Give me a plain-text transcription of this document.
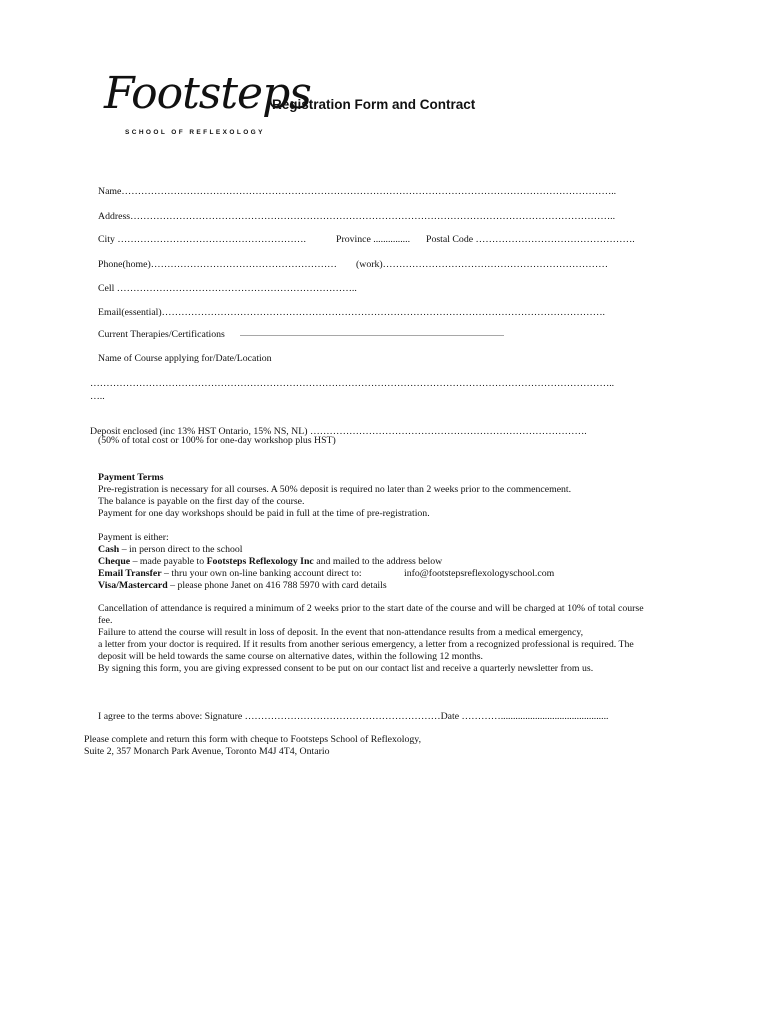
Footsteps
SCHOOL OF REFLEXOLOGY
Registration Form and Contract
Name……………………………………………………………………………………………………………………………………..
Address…………………………………………………………………………………………………………………………………..
City ………………………………………………….	Province ............... Postal Code ………………………………………….
Phone(home)………………………………………………… (work)……………………………………………………………
Cell ………………………………………………………………..
Email(essential)……………………………………………………………………………………………………………………….
Current Therapies/Certifications ....................................................................................................................................
Name of Course applying for/Date/Location
……………………………………………………………………………………………………………………………………………..
…..
Deposit enclosed (inc 13% HST Ontario, 15% NS, NL) ………………………………………………………………………….
(50% of total cost or 100% for one-day workshop plus HST)
Payment Terms
Pre-registration is necessary for all courses. A 50% deposit is required no later than 2 weeks prior to the commencement.
The balance is payable on the first day of the course.
Payment for one day workshops should be paid in full at the time of pre-registration.
Payment is either:
Cash – in person direct to the school
Cheque – made payable to Footsteps Reflexology Inc and mailed to the address below
Email Transfer – thru your own on-line banking account direct to:	info@footstepsreflexologyschool.com
Visa/Mastercard – please phone Janet on 416 788 5970 with card details
Cancellation of attendance is required a minimum of 2 weeks prior to the start date of the course and will be charged at 10% of total course
fee.
Failure to attend the course will result in loss of deposit. In the event that non-attendance results from a medical emergency,
a letter from your doctor is required. If it results from another serious emergency, a letter from a recognized professional is required. The
deposit will be held towards the same course on alternative dates, within the following 12 months.
By signing this form, you are giving expressed consent to be put on our contact list and receive a quarterly newsletter from us.
I agree to the terms above: Signature ……………………………………………………Date …………............................................
Please complete and return this form with cheque to Footsteps School of Reflexology,
Suite 2, 357 Monarch Park Avenue, Toronto M4J 4T4, Ontario
